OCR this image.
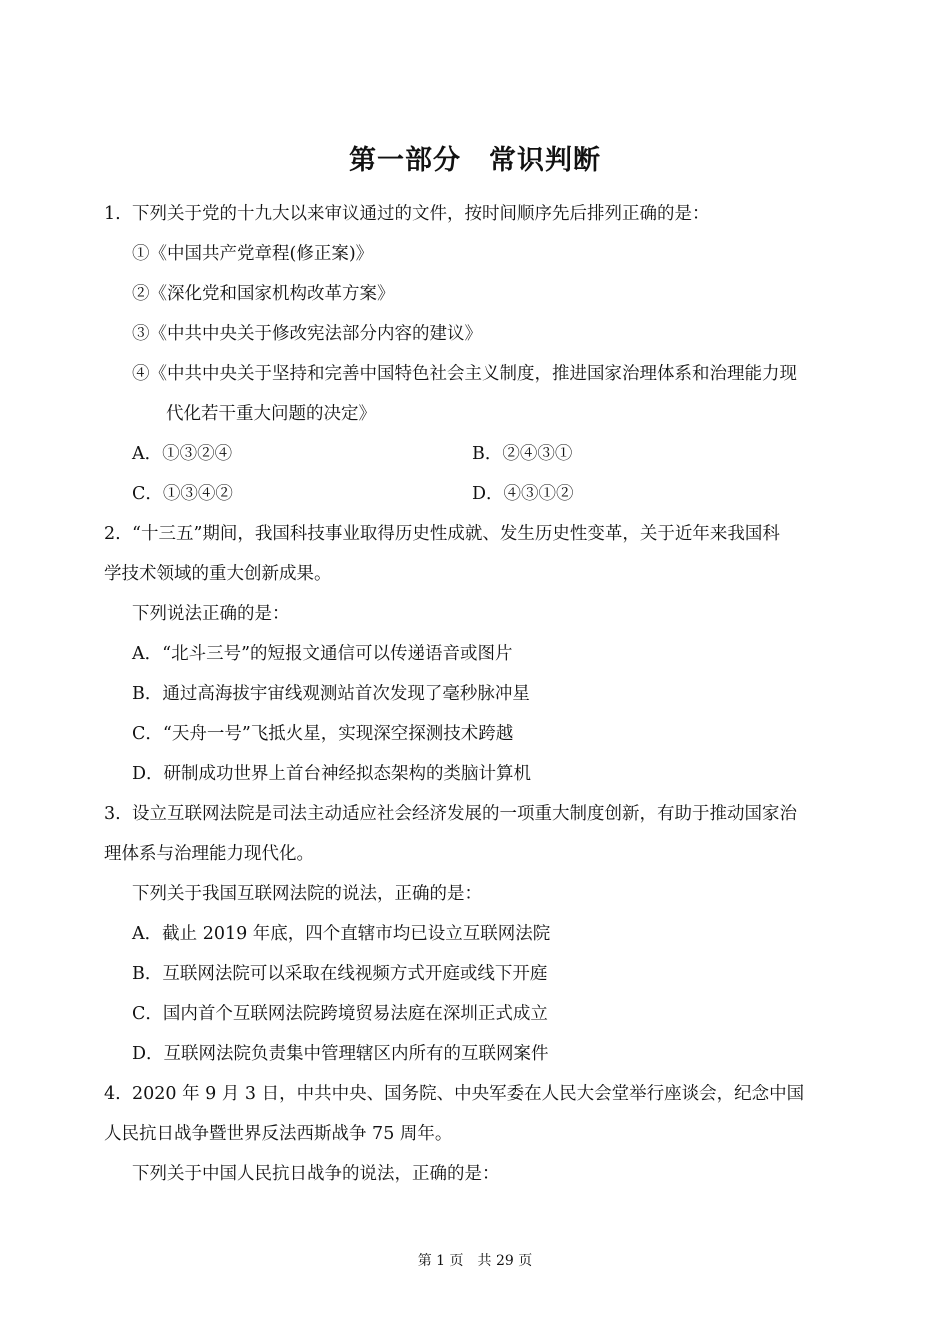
第一部分　常识判断
1. 下列关于党的十九大以来审议通过的文件，按时间顺序先后排列正确的是：
①《中国共产党章程(修正案)》
②《深化党和国家机构改革方案》
③《中共中央关于修改宪法部分内容的建议》
④《中共中央关于坚持和完善中国特色社会主义制度，推进国家治理体系和治理能力现
代化若干重大问题的决定》
A．①③②④	B．②④③①
C．①③④②	D．④③①②
2. “十三五”期间，我国科技事业取得历史性成就、发生历史性变革，关于近年来我国科
学技术领域的重大创新成果。
下列说法正确的是：
A．“北斗三号”的短报文通信可以传递语音或图片
B．通过高海拔宇宙线观测站首次发现了毫秒脉冲星
C．“天舟一号”飞抵火星，实现深空探测技术跨越
D．研制成功世界上首台神经拟态架构的类脑计算机
3. 设立互联网法院是司法主动适应社会经济发展的一项重大制度创新，有助于推动国家治
理体系与治理能力现代化。
下列关于我国互联网法院的说法，正确的是：
A．截止 2019 年底，四个直辖市均已设立互联网法院
B．互联网法院可以采取在线视频方式开庭或线下开庭
C．国内首个互联网法院跨境贸易法庭在深圳正式成立
D．互联网法院负责集中管理辖区内所有的互联网案件
4. 2020 年 9 月 3 日，中共中央、国务院、中央军委在人民大会堂举行座谈会，纪念中国
人民抗日战争暨世界反法西斯战争 75 周年。
下列关于中国人民抗日战争的说法，正确的是：
第 1 页　共 29 页
